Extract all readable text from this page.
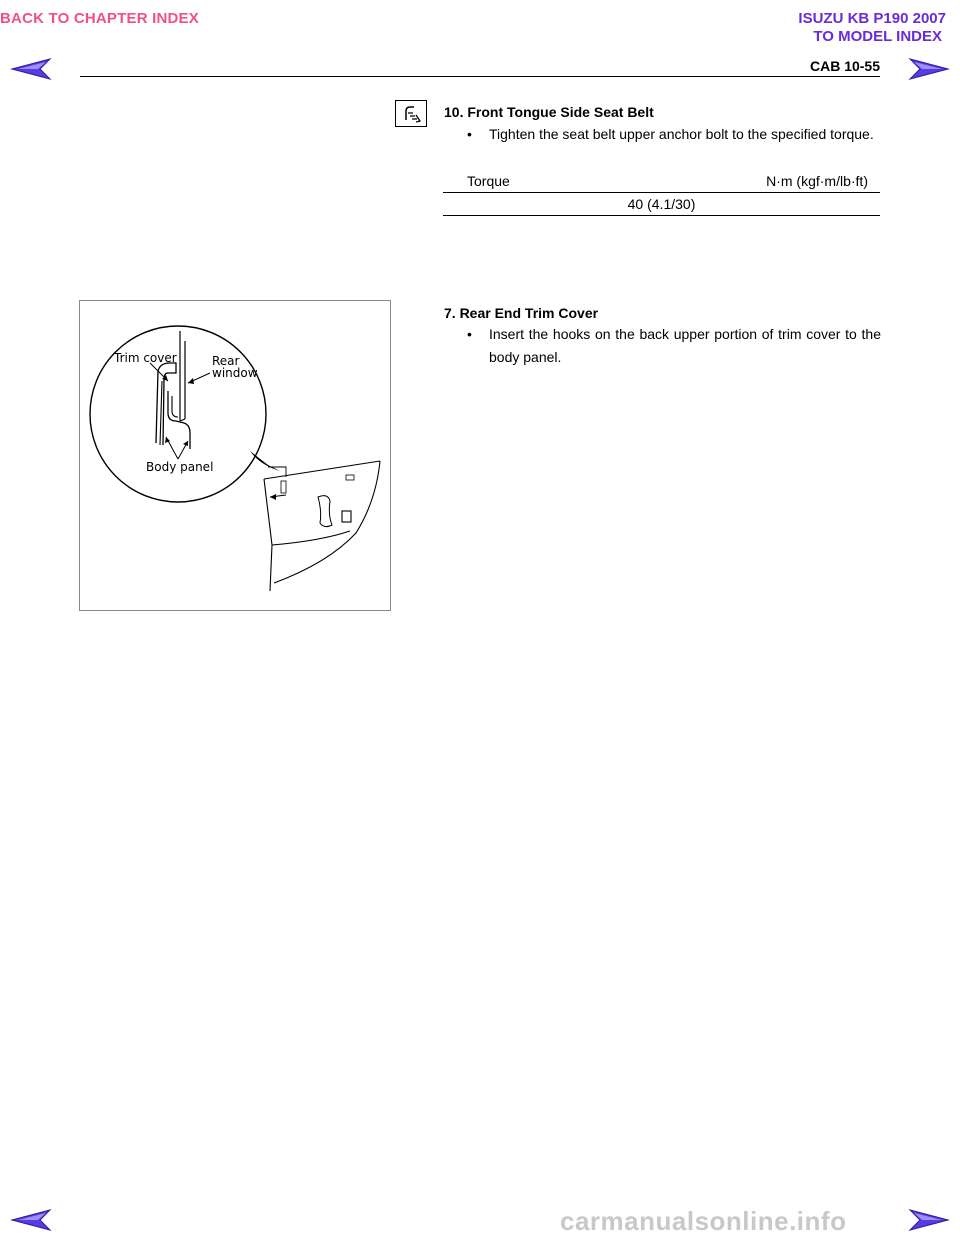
BACK TO CHAPTER INDEX	ISUZU KB P190 2007
TO MODEL INDEX
CAB 10-55
10. Front Tongue Side Seat Belt
• Tighten the seat belt upper anchor bolt to the specified torque.
Torque	N·m (kgf·m/lb·ft)
40 (4.1/30)
Trim cover	Rear
window
Body panel
7. Rear End Trim Cover
• Insert the hooks on the back upper portion of trim cover to the body panel.
carmanualsonline.info
